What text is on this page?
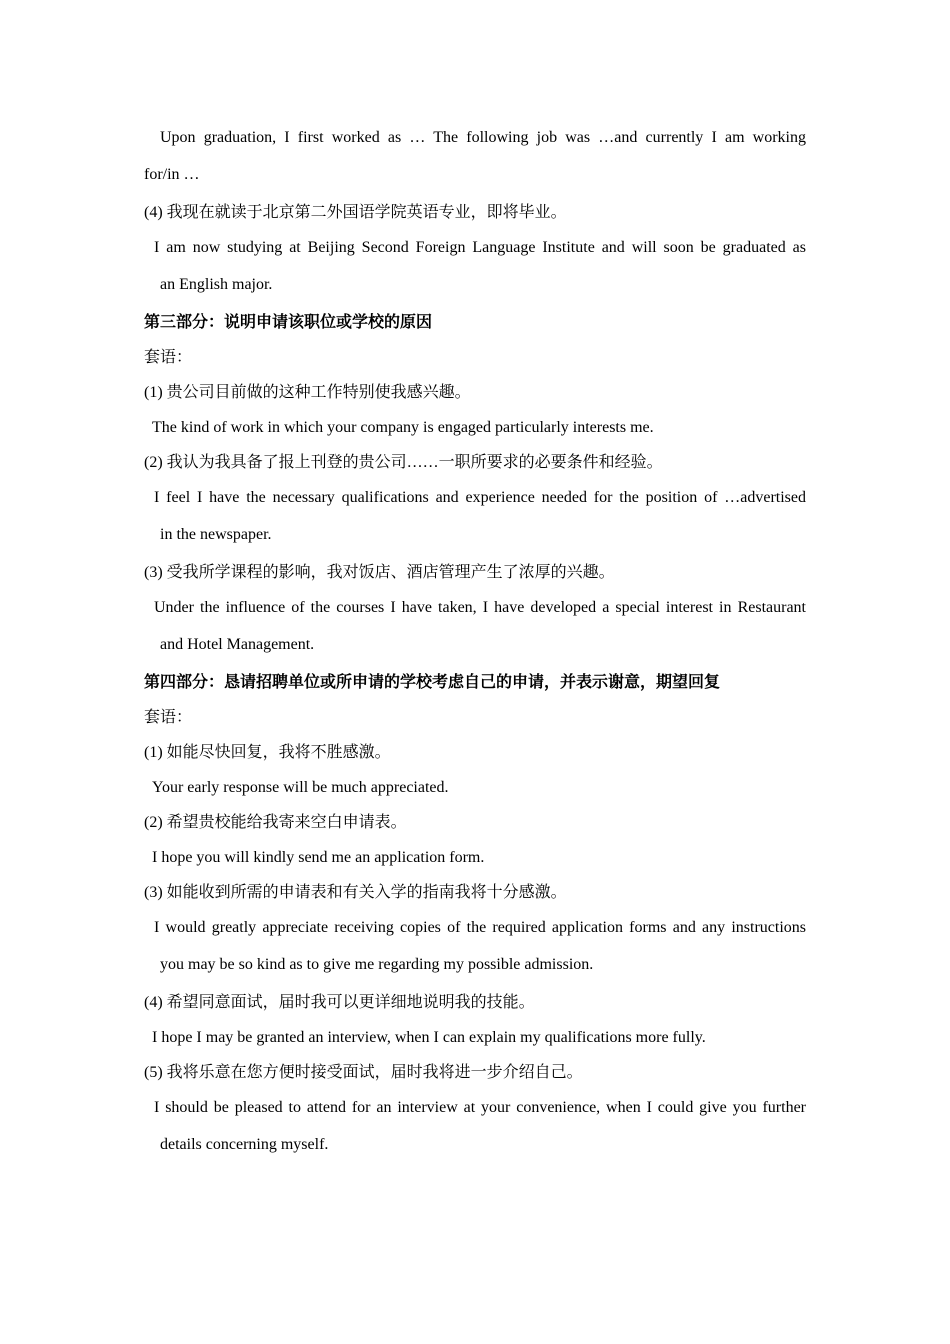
Upon graduation, I first worked as … The following job was …and currently I am working
for/in …
(4) 我现在就读于北京第二外国语学院英语专业，即将毕业。
I am now studying at Beijing Second Foreign Language Institute and will soon be graduated as
an English major.
第三部分：说明申请该职位或学校的原因
套语：
(1) 贵公司目前做的这种工作特别使我感兴趣。
The kind of work in which your company is engaged particularly interests me.
(2) 我认为我具备了报上刊登的贵公司……一职所要求的必要条件和经验。
I feel I have the necessary qualifications and experience needed for the position of …advertised
in the newspaper.
(3) 受我所学课程的影响，我对饭店、酒店管理产生了浓厚的兴趣。
Under the influence of the courses I have taken, I have developed a special interest in Restaurant
and Hotel Management.
第四部分：恳请招聘单位或所申请的学校考虑自己的申请，并表示谢意，期望回复
套语：
(1) 如能尽快回复，我将不胜感激。
Your early response will be much appreciated.
(2) 希望贵校能给我寄来空白申请表。
I hope you will kindly send me an application form.
(3) 如能收到所需的申请表和有关入学的指南我将十分感激。
I would greatly appreciate receiving copies of the required application forms and any instructions
you may be so kind as to give me regarding my possible admission.
(4) 希望同意面试，届时我可以更详细地说明我的技能。
I hope I may be granted an interview, when I can explain my qualifications more fully.
(5) 我将乐意在您方便时接受面试，届时我将进一步介绍自己。
I should be pleased to attend for an interview at your convenience, when I could give you further
details concerning myself.
